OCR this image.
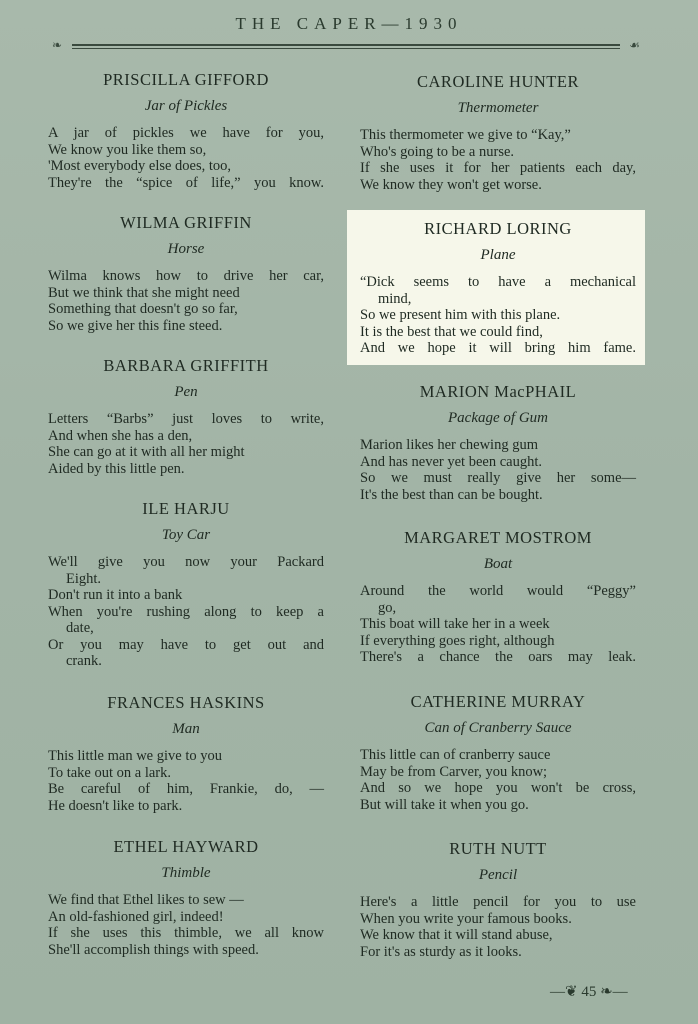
THE CAPER—1930
❧	☙
PRISCILLA GIFFORD
Jar of Pickles
A jar of pickles we have for you,
We know you like them so,
'Most everybody else does, too,
They're the “spice of life,” you know.
WILMA GRIFFIN
Horse
Wilma knows how to drive her car,
But we think that she might need
Something that doesn't go so far,
So we give her this fine steed.
BARBARA GRIFFITH
Pen
Letters “Barbs” just loves to write,
And when she has a den,
She can go at it with all her might
Aided by this little pen.
ILE HARJU
Toy Car
We'll give you now your Packard
Eight.
Don't run it into a bank
When you're rushing along to keep a
date,
Or you may have to get out and
crank.
FRANCES HASKINS
Man
This little man we give to you
To take out on a lark.
Be careful of him, Frankie, do, —
He doesn't like to park.
ETHEL HAYWARD
Thimble
We find that Ethel likes to sew —
An old-fashioned girl, indeed!
If she uses this thimble, we all know
She'll accomplish things with speed.
CAROLINE HUNTER
Thermometer
This thermometer we give to “Kay,”
Who's going to be a nurse.
If she uses it for her patients each day,
We know they won't get worse.
RICHARD LORING
Plane
“Dick seems to have a mechanical
mind,
So we present him with this plane.
It is the best that we could find,
And we hope it will bring him fame.
MARION MacPHAIL
Package of Gum
Marion likes her chewing gum
And has never yet been caught.
So we must really give her some—
It's the best than can be bought.
MARGARET MOSTROM
Boat
Around the world would “Peggy”
go,
This boat will take her in a week
If everything goes right, although
There's a chance the oars may leak.
CATHERINE MURRAY
Can of Cranberry Sauce
This little can of cranberry sauce
May be from Carver, you know;
And so we hope you won't be cross,
But will take it when you go.
RUTH NUTT
Pencil
Here's a little pencil for you to use
When you write your famous books.
We know that it will stand abuse,
For it's as sturdy as it looks.
—❦ 45 ❧—
